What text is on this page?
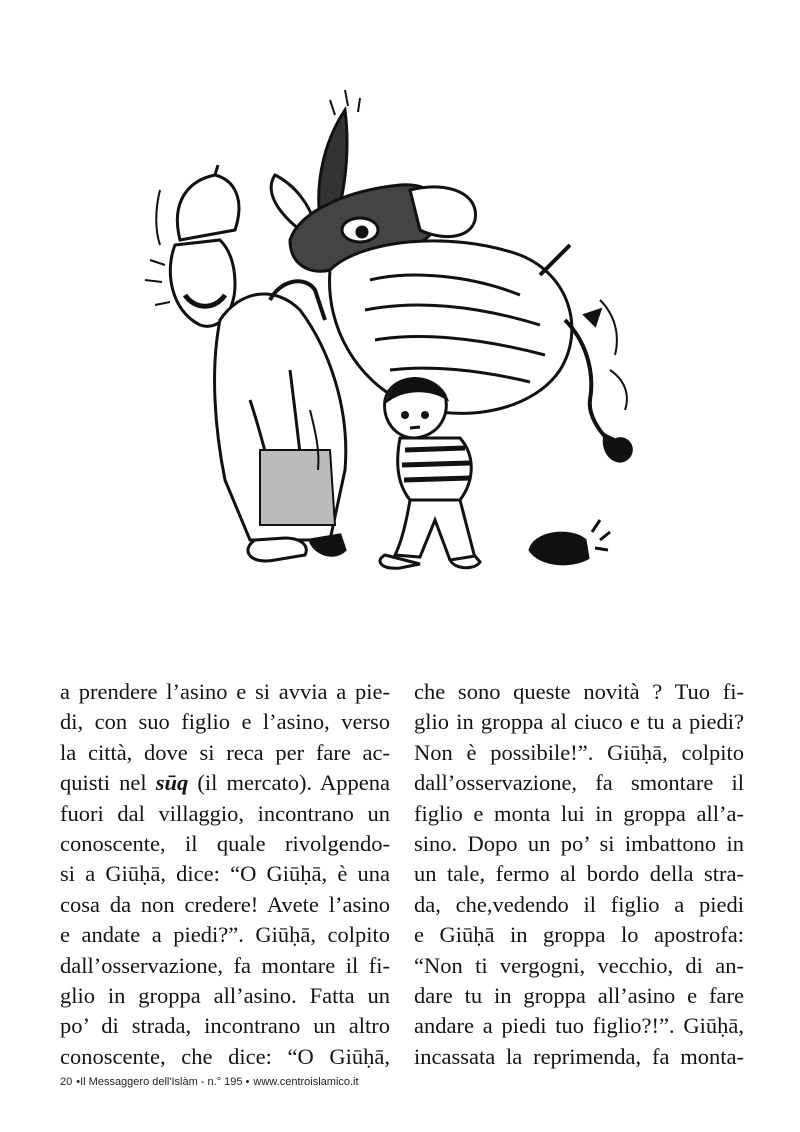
a prendere l’asino e si avvia a pie-
di, con suo figlio e l’asino, verso
la città, dove si reca per fare ac-
quisti nel sūq (il mercato). Appena
fuori dal villaggio, incontrano un
conoscente, il quale rivolgendo-
si a Giūḥā, dice: “O Giūḥā, è una
cosa da non credere! Avete l’asino
e andate a piedi?”. Giūḥā, colpito
dall’osservazione, fa montare il fi-
glio in groppa all’asino. Fatta un
po’ di strada, incontrano un altro
conoscente, che dice: “O Giūḥā,
che sono queste novità ? Tuo fi-
glio in groppa al ciuco e tu a piedi?
Non è possibile!”. Giūḥā, colpito
dall’osservazione, fa smontare il
figlio e monta lui in groppa all’a-
sino. Dopo un po’ si imbattono in
un tale, fermo al bordo della stra-
da, che,vedendo il figlio a piedi
e Giūḥā in groppa lo apostrofa:
“Non ti vergogni, vecchio, di an-
dare tu in groppa all’asino e fare
andare a piedi tuo figlio?!”. Giūḥā,
incassata la reprimenda, fa monta-
20 •Il Messaggero dell'Islàm - n.° 195 • www.centroislamico.it
